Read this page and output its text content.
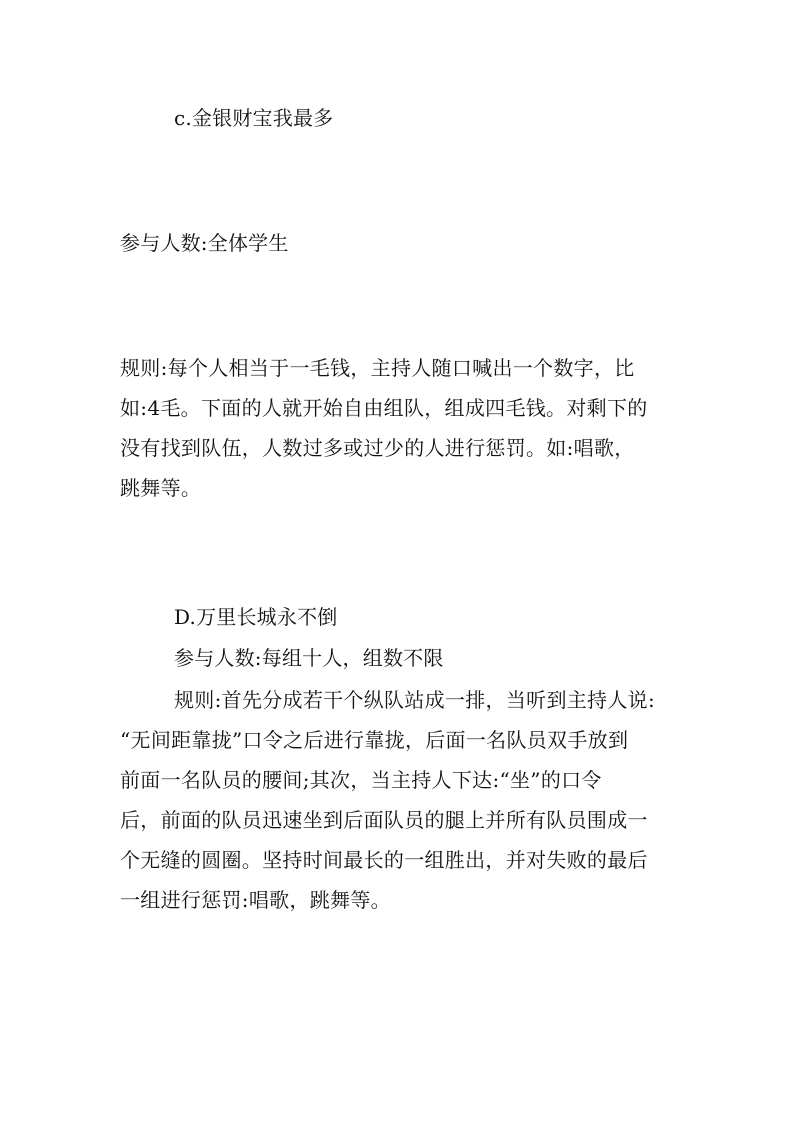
c.金银财宝我最多
参与人数:全体学生
规则:每个人相当于一毛钱，主持人随口喊出一个数字，比
如:4毛。下面的人就开始自由组队，组成四毛钱。对剩下的
没有找到队伍，人数过多或过少的人进行惩罚。如:唱歌，
跳舞等。
D.万里长城永不倒
参与人数:每组十人，组数不限
规则:首先分成若干个纵队站成一排，当听到主持人说:
“无间距靠拢”口令之后进行靠拢，后面一名队员双手放到
前面一名队员的腰间;其次，当主持人下达:“坐”的口令
后，前面的队员迅速坐到后面队员的腿上并所有队员围成一
个无缝的圆圈。坚持时间最长的一组胜出，并对失败的最后
一组进行惩罚:唱歌，跳舞等。
